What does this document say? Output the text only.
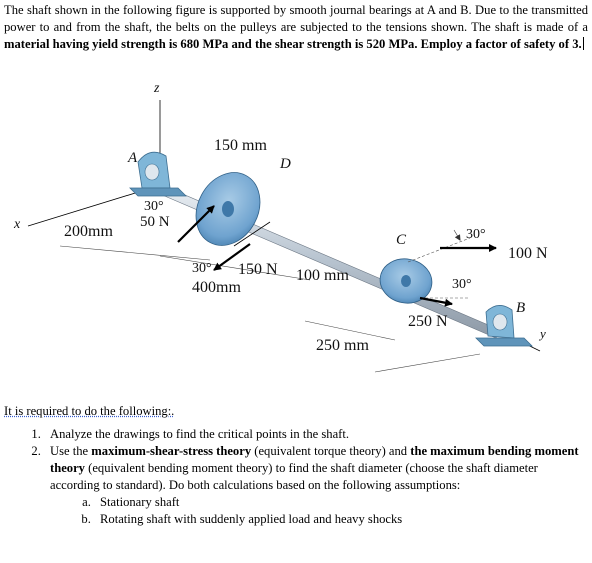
The shaft shown in the following figure is supported by smooth journal bearings at A and B. Due to the transmitted power to and from the shaft, the belts on the pulleys are subjected to the tensions shown. The shaft is made of a material having yield strength is 680 MPa and the shear strength is 520 MPa. Employ a factor of safety of 3.
z
x
y
A
B
C
D
150 mm
200mm
400mm
100 mm
250 mm
30°
30°
30°
30°
50 N
150 N
100 N
250 N
It is required to do the following:.
1. Analyze the drawings to find the critical points in the shaft.
2. Use the maximum-shear-stress theory (equivalent torque theory) and the maximum bending moment theory (equivalent bending moment theory) to find the shaft diameter (choose the shaft diameter according to standard). Do both calculations based on the following assumptions:
a. Stationary shaft
b. Rotating shaft with suddenly applied load and heavy shocks
